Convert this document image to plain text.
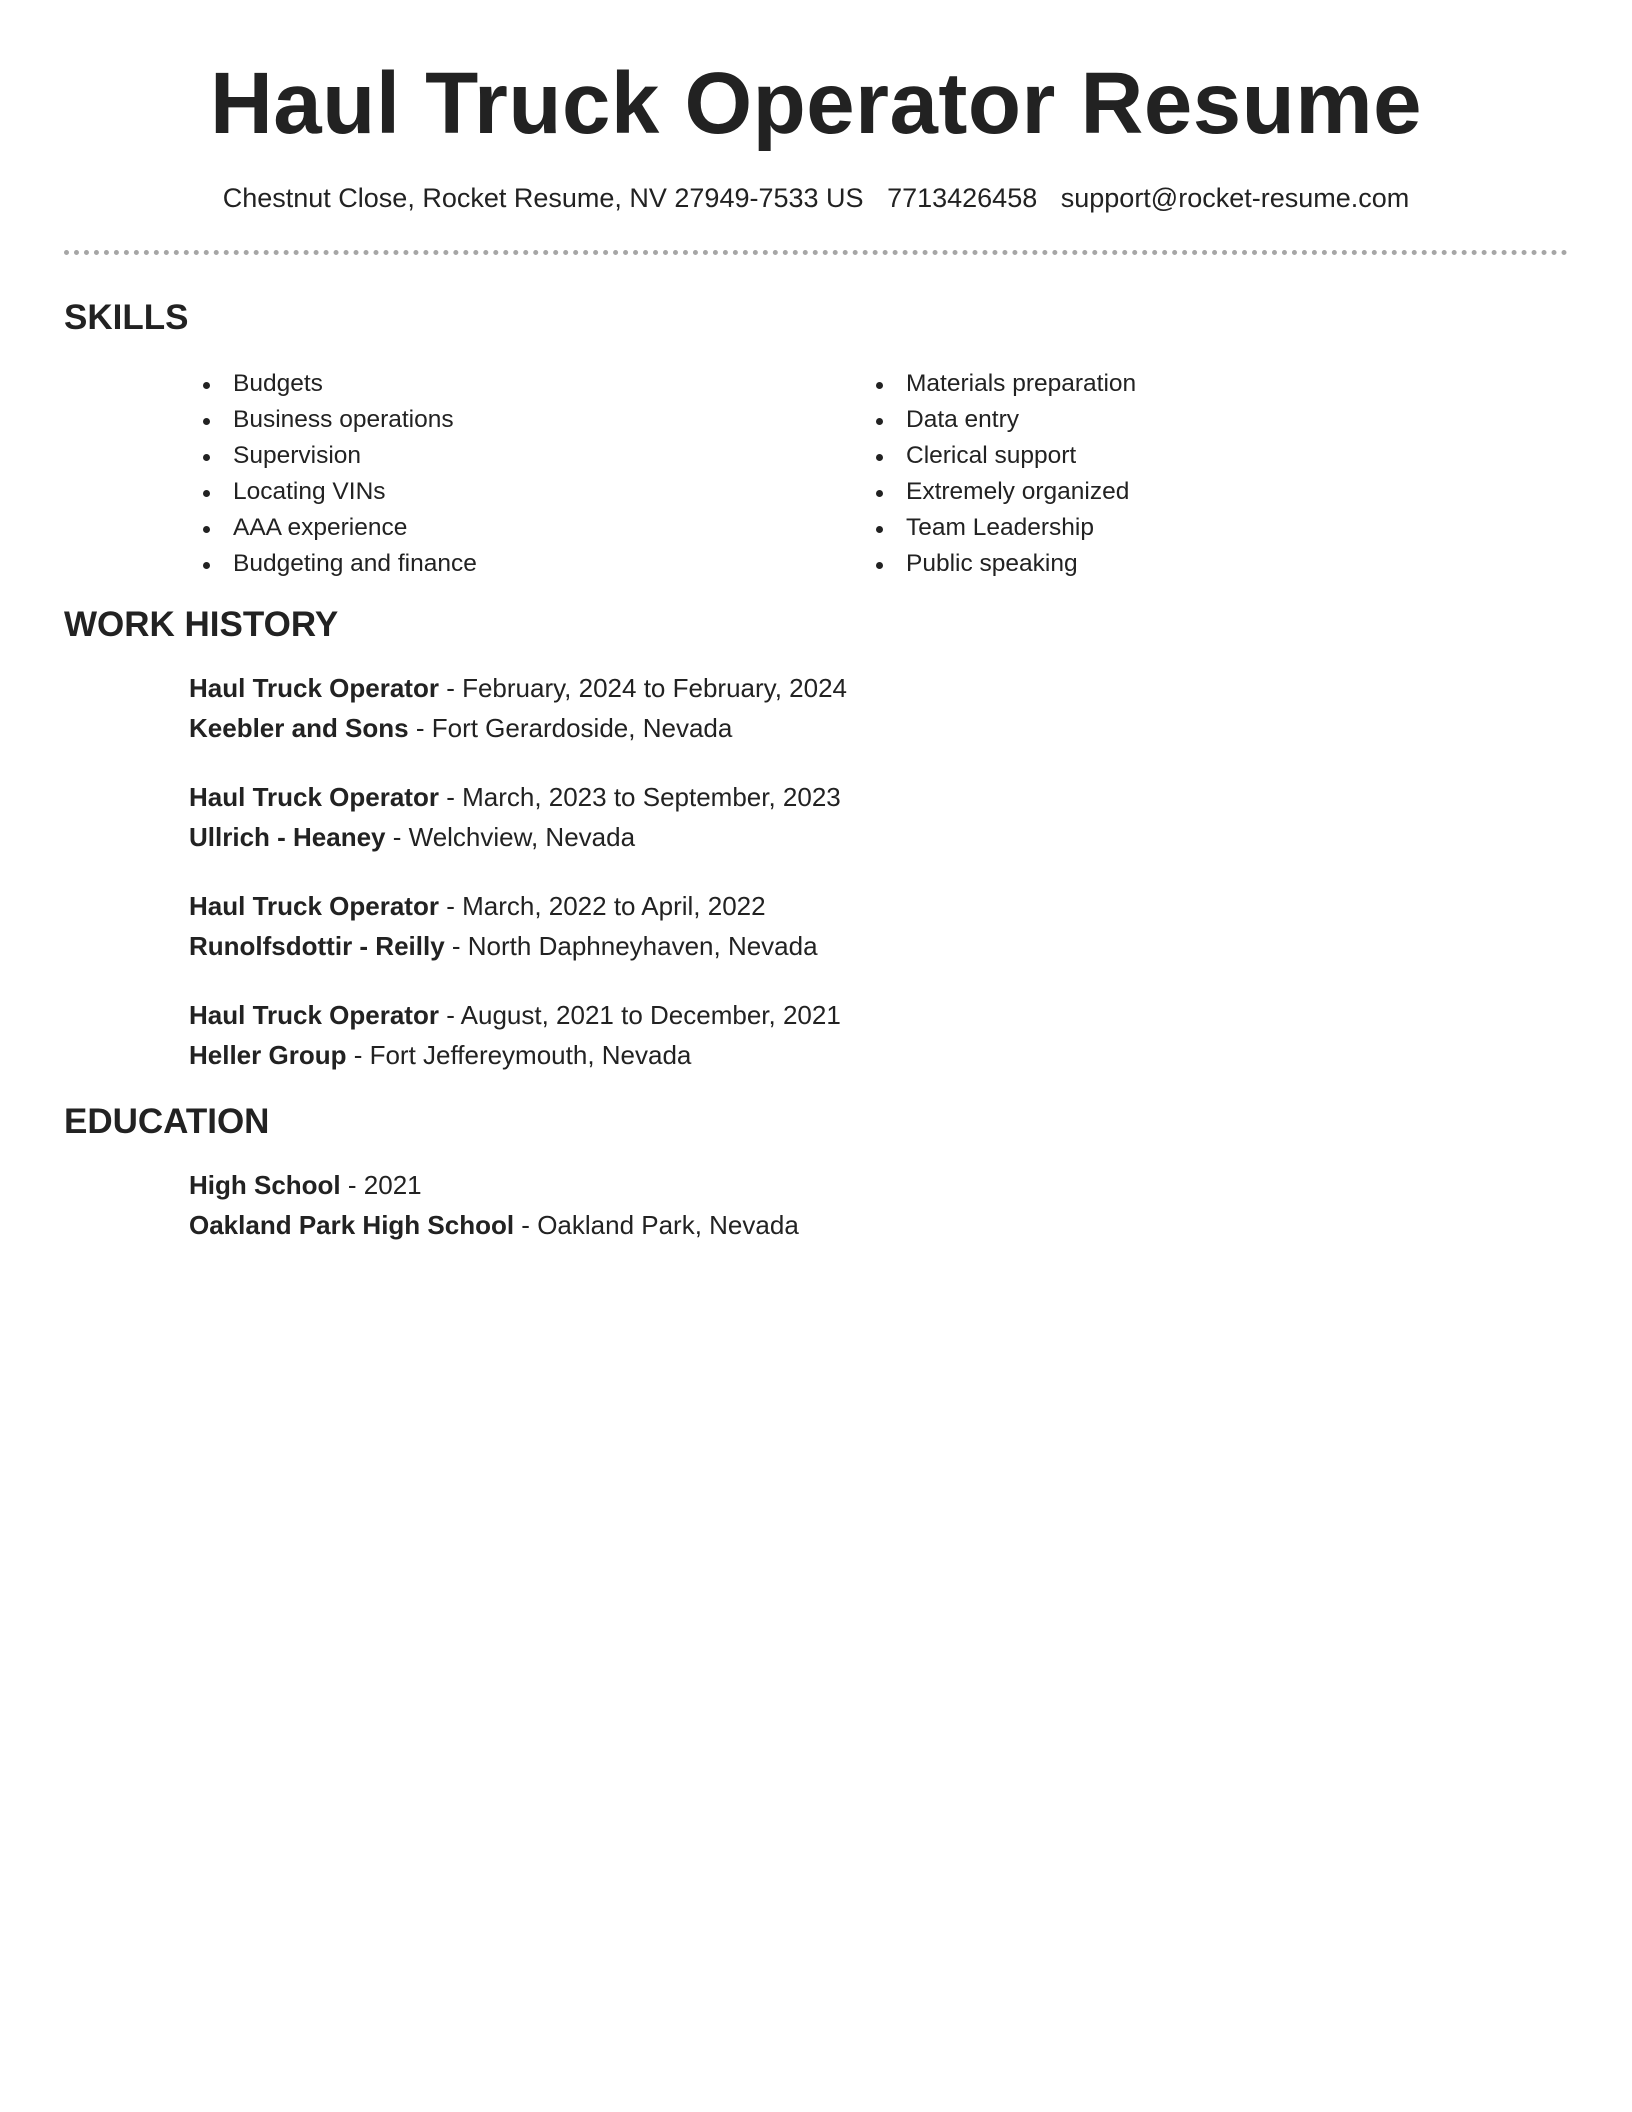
Haul Truck Operator Resume
Chestnut Close, Rocket Resume, NV 27949-7533 US 7713426458 support@rocket-resume.com
SKILLS
Budgets
Business operations
Supervision
Locating VINs
AAA experience
Budgeting and finance
Materials preparation
Data entry
Clerical support
Extremely organized
Team Leadership
Public speaking
WORK HISTORY
Haul Truck Operator - February, 2024 to February, 2024
Keebler and Sons - Fort Gerardoside, Nevada
Haul Truck Operator - March, 2023 to September, 2023
Ullrich - Heaney - Welchview, Nevada
Haul Truck Operator - March, 2022 to April, 2022
Runolfsdottir - Reilly - North Daphneyhaven, Nevada
Haul Truck Operator - August, 2021 to December, 2021
Heller Group - Fort Jeffereymouth, Nevada
EDUCATION
High School - 2021
Oakland Park High School - Oakland Park, Nevada
